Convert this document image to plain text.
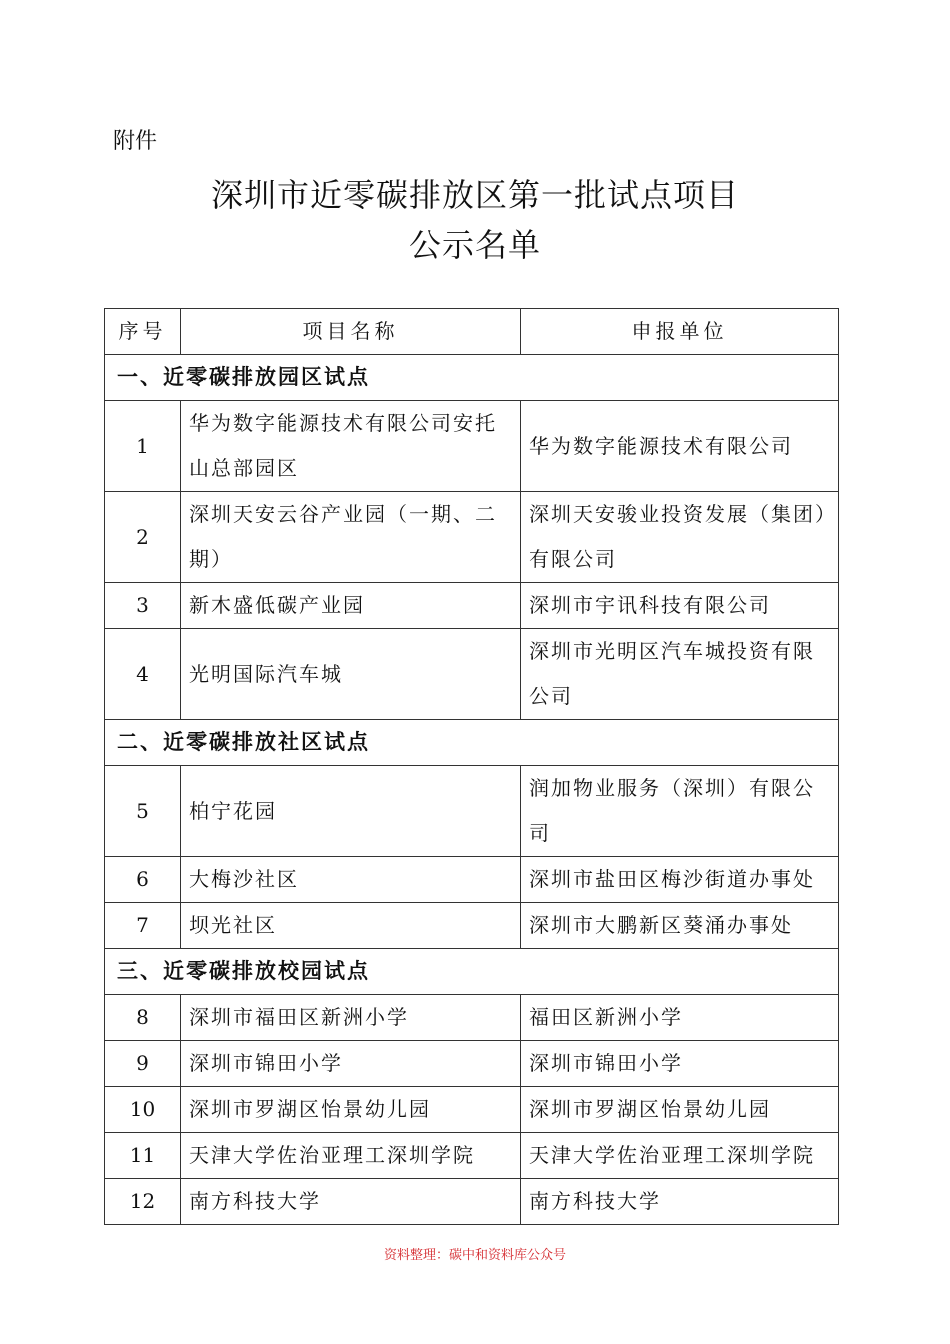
附件
深圳市近零碳排放区第一批试点项目
公示名单
序号	项目名称	申报单位
一、近零碳排放园区试点		
1	华为数字能源技术有限公司安托山总部园区	华为数字能源技术有限公司
2	深圳天安云谷产业园（一期、二期）	深圳天安骏业投资发展（集团）有限公司
3	新木盛低碳产业园	深圳市宇讯科技有限公司
4	光明国际汽车城	深圳市光明区汽车城投资有限公司
二、近零碳排放社区试点		
5	柏宁花园	润加物业服务（深圳）有限公司
6	大梅沙社区	深圳市盐田区梅沙街道办事处
7	坝光社区	深圳市大鹏新区葵涌办事处
三、近零碳排放校园试点		
8	深圳市福田区新洲小学	福田区新洲小学
9	深圳市锦田小学	深圳市锦田小学
10	深圳市罗湖区怡景幼儿园	深圳市罗湖区怡景幼儿园
11	天津大学佐治亚理工深圳学院	天津大学佐治亚理工深圳学院
12	南方科技大学	南方科技大学
资料整理：碳中和资料库公众号
